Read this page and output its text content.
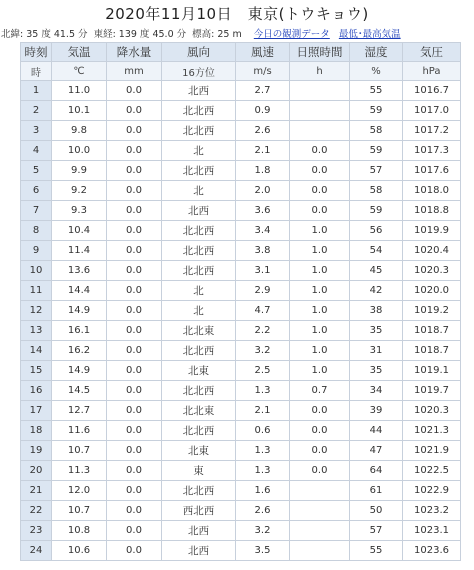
2020年11月10日　東京(トウキョウ)
北緯: 35 度 41.5 分 東経: 139 度 45.0 分 標高: 25 m 今日の観測データ 最低･最高気温
時刻	気温	降水量	風向	風速	日照時間	湿度	気圧
時	℃	mm	16方位	m/s	h	%	hPa
1	11.0	0.0	北西	2.7		55	1016.7
2	10.1	0.0	北北西	0.9		59	1017.0
3	9.8	0.0	北北西	2.6		58	1017.2
4	10.0	0.0	北	2.1	0.0	59	1017.3
5	9.9	0.0	北北西	1.8	0.0	57	1017.6
6	9.2	0.0	北	2.0	0.0	58	1018.0
7	9.3	0.0	北西	3.6	0.0	59	1018.8
8	10.4	0.0	北北西	3.4	1.0	56	1019.9
9	11.4	0.0	北北西	3.8	1.0	54	1020.4
10	13.6	0.0	北北西	3.1	1.0	45	1020.3
11	14.4	0.0	北	2.9	1.0	42	1020.0
12	14.9	0.0	北	4.7	1.0	38	1019.2
13	16.1	0.0	北北東	2.2	1.0	35	1018.7
14	16.2	0.0	北北西	3.2	1.0	31	1018.7
15	14.9	0.0	北東	2.5	1.0	35	1019.1
16	14.5	0.0	北北西	1.3	0.7	34	1019.7
17	12.7	0.0	北北東	2.1	0.0	39	1020.3
18	11.6	0.0	北北西	0.6	0.0	44	1021.3
19	10.7	0.0	北東	1.3	0.0	47	1021.9
20	11.3	0.0	東	1.3	0.0	64	1022.5
21	12.0	0.0	北北西	1.6		61	1022.9
22	10.7	0.0	西北西	2.6		50	1023.2
23	10.8	0.0	北西	3.2		57	1023.1
24	10.6	0.0	北西	3.5		55	1023.6
